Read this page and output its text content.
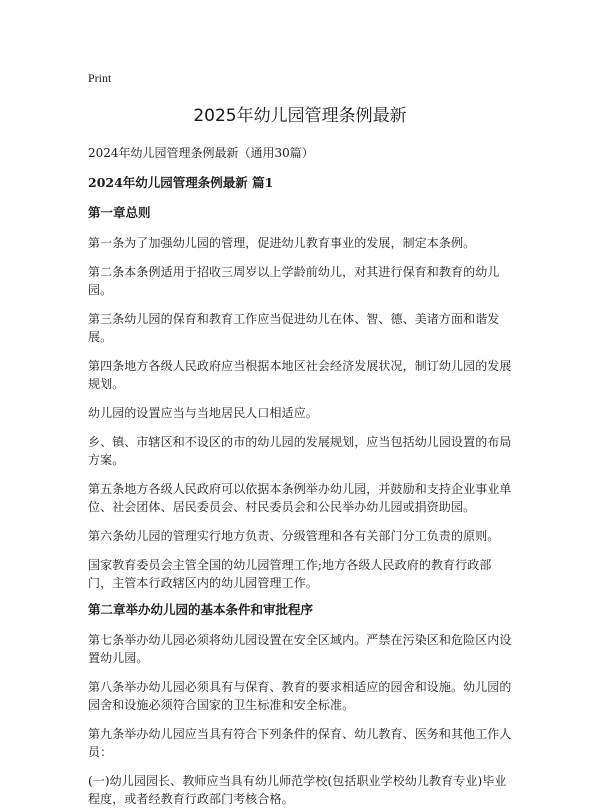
Print
2025年幼儿园管理条例最新
2024年幼儿园管理条例最新（通用30篇）
2024年幼儿园管理条例最新 篇1
第一章总则

第一条为了加强幼儿园的管理，促进幼儿教育事业的发展，制定本条例。

第二条本条例适用于招收三周岁以上学龄前幼儿，对其进行保育和教育的幼儿园。

第三条幼儿园的保育和教育工作应当促进幼儿在体、智、德、美诸方面和谐发展。

第四条地方各级人民政府应当根据本地区社会经济发展状况，制订幼儿园的发展规划。

幼儿园的设置应当与当地居民人口相适应。

乡、镇、市辖区和不设区的市的幼儿园的发展规划，应当包括幼儿园设置的布局方案。

第五条地方各级人民政府可以依据本条例举办幼儿园，并鼓励和支持企业事业单位、社会团体、居民委员会、村民委员会和公民举办幼儿园或捐资助园。

第六条幼儿园的管理实行地方负责、分级管理和各有关部门分工负责的原则。

国家教育委员会主管全国的幼儿园管理工作;地方各级人民政府的教育行政部门，主管本行政辖区内的幼儿园管理工作。

第二章举办幼儿园的基本条件和审批程序

第七条举办幼儿园必须将幼儿园设置在安全区域内。严禁在污染区和危险区内设置幼儿园。

第八条举办幼儿园必须具有与保育、教育的要求相适应的园舍和设施。幼儿园的园舍和设施必须符合国家的卫生标准和安全标准。

第九条举办幼儿园应当具有符合下列条件的保育、幼儿教育、医务和其他工作人员：

(一)幼儿园园长、教师应当具有幼儿师范学校(包括职业学校幼儿教育专业)毕业程度，或者经教育行政部门考核合格。
